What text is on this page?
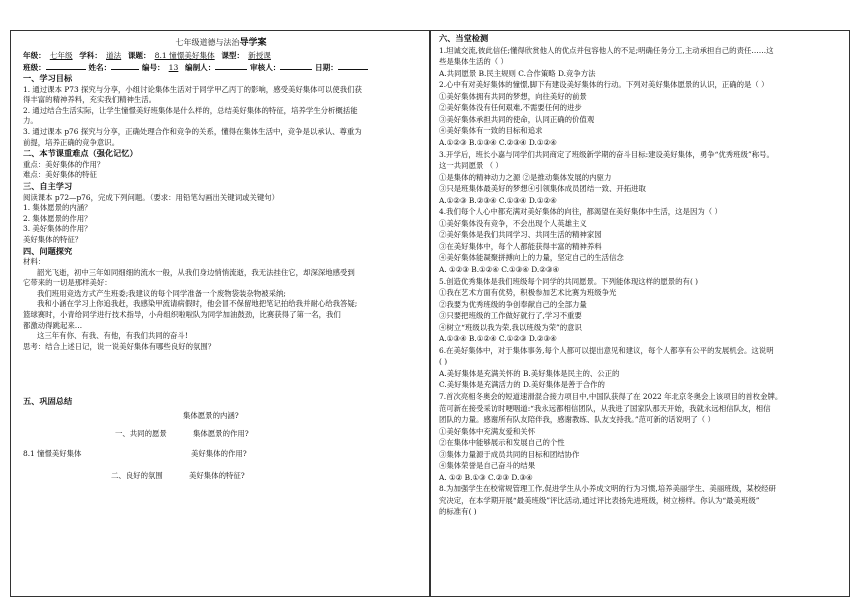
七年级道德与法治导学案
年级： 七年级 学科： 道法 课题： 8.1 憧憬美好集体 课型： 新授课
班级：	姓名：	编号： 13 编制人：	审核人：	日期：
一、学习目标
1. 通过课本 P73 探究与分享，小组讨论集体生活对于同学甲乙丙丁的影响，感受美好集体可以使我们获
得丰富的精神养料，充实我们精神生活。
2. 通过结合生活实际，让学生憧憬美好班集体是什么样的，总结美好集体的特征，培养学生分析概括能
力。
3. 通过课本 p76 探究与分享，正确处理合作和竞争的关系，懂得在集体生活中，竞争是以承认、尊重为
前提，培养正确的竞争意识。
二、本节课重难点（强化记忆）
重点：美好集体的作用？
难点：美好集体的特征
三、自主学习
阅读课本 p72—p76，完成下列问题。（要求：用铅笔勾画出关键词或关键句）
1. 集体愿景的内涵？
2. 集体愿景的作用？
3. 美好集体的作用？
美好集体的特征？
四、问题探究
材料：
韶光飞逝，初中三年如同细细的流水一般，从我们身边悄悄流逝，我无法挂住它，却深深地感受到
它带来的一切是那样美好：
我们班用竞选方式产生班委;我建议的每个同学准备一个废物袋装杂物被采纳;
我和小涵在学习上你追我赶，我感染甲流请病假时，他会冒不保留地把笔记拍给我并耐心给我答疑;
篮球赛时，小青给同学进行技术指导，小舟组织啦啦队为同学加油鼓劲，比赛获得了第一名，我们
都激动得跳起来…
这三年有你、有我、有他，有我们共同的奋斗!
思考：结合上述日记，说一说美好集体有哪些良好的氛围？
五、巩固总结
集体愿景的内涵?
一、共同的愿景	集体愿景的作用?
8.1 憧憬美好集体	美好集体的作用?
二、良好的氛围	美好集体的特征?
六、当堂检测
1.坦诚交流,彼此信任;懂得欣赏他人的优点并包容他人的不足;明确任务分工,主动承担自己的责任……这
些是集体生活的（ ）
A.共同愿景 B.民主规则 C.合作策略 D.竞争方法
2.心中有对美好集体的憧憬,脚下有建设美好集体的行动。下列对美好集体愿景的认识，正确的是（ ）
①美好集体拥有共同的梦想，向往美好的前景
②美好集体没有任何艰难,不需要任何的进步
③美好集体承担共同的使命，认同正确的价值观
④美好集体有一致的目标和追求
A.①②③ B.①③④ C.②③④ D.①②④
3.开学后，班长小嘉与同学们共同商定了班级新学期的奋斗目标:建设美好集体，勇争“优秀班级”称号。
这一共同愿景 （ ）
①是集体的精神动力之源 ②是推动集体发展的内驱力
③只是班集体最美好的梦想④引领集体成员团结一致、开拓进取
A.①②③ B.②③④ C.①③④ D.①②④
4.我们每个人心中都充满对美好集体的向往，都渴望在美好集体中生活，这是因为（ ）
①美好集体没有竞争，不会出现个人英雄主义
②美好集体是我们共同学习、共同生活的精神家园
③在美好集体中，每个人都能获得丰富的精神养料
④美好集体能凝聚拼搏向上的力量，坚定自己的生活信念
A. ①②③ B.①②④ C.①③④ D.②③④
5.创造优秀集体是我们班级每个同学的共同愿景。下列能体现这样的愿景的有( )
①我在艺术方面有优势，积极参加艺术比赛为班级争光
②我要为优秀班级的争创奉献自己的全部力量
③只要把班级的工作做好就行了,学习不重要
④树立“班级以我为荣,我以班级为荣”的意识
A.①③④ B.①②④ C.①②③ D.②③④
6.在美好集体中，对于集体事务,每个人都可以提出意见和建议，每个人都享有公平的发展机会。这说明
( )
A.美好集体是充满关怀的 B.美好集体是民主的、公正的
C.美好集体是充满活力的 D.美好集体是善于合作的
7.首次亮相冬奥会的短道速滑混合接力项目中,中国队获得了在 2022 年北京冬奥会上该项目的首枚金牌。
范可新在接受采访时哽咽道:“我永远都相信团队，从我进了国家队那天开始，我就永远相信队友，相信
团队的力量。感谢所有队友陪伴我，感谢教练、队友支持我。”范可新的话说明了（ ）
①美好集体中充满友爱和关怀
②在集体中能够展示和发展自己的个性
③集体力量源于成员共同的目标和团结协作
④集体荣誉是自己奋斗的结果
A. ①② B.①③ C.②③ D.③④
8.为加强学生在校常规管理工作,促进学生从小养成文明的行为习惯,培养美丽学生、美丽班级，某校经研
究决定，在本学期开展“最美班级”评比活动,通过评比表扬先进班级，树立榜样。你认为“最美班级”
的标准有( )
